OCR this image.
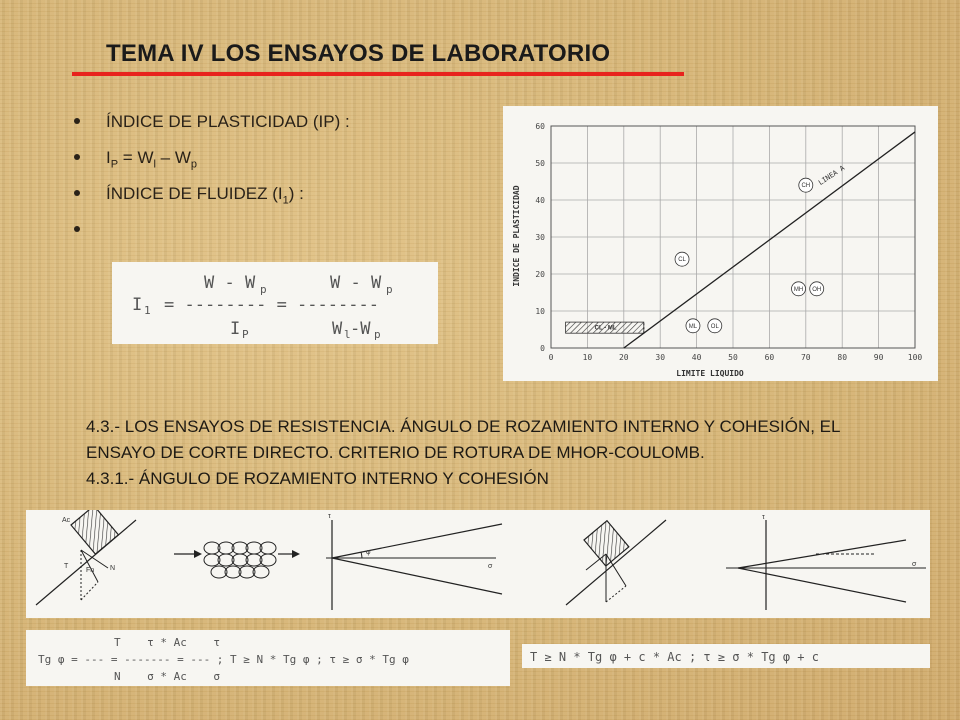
TEMA IV LOS ENSAYOS DE LABORATORIO
ÍNDICE DE PLASTICIDAD (IP) :
$I_P = W_l - W_p$
ÍNDICE DE FLUIDEZ $(I_1)$ :
W - W p	W - W p
I 1 = -------- = --------
I P	W l -W p
0	10	20	30	40	50	60	70	80	90	100
0
10
20
30
40
50
60
CH
CL
MH OH
ML OL
CL - ML
INDICE DE PLASTICIDAD
LIMITE LIQUIDO
LINEA A
4.3.- LOS ENSAYOS DE RESISTENCIA. ÁNGULO DE ROZAMIENTO INTERNO Y COHESIÓN, EL
ENSAYO DE CORTE DIRECTO. CRITERIO DE ROTURA DE MHOR-COULOMB.
4.3.1.- ÁNGULO DE ROZAMIENTO INTERNO Y COHESIÓN
Ac
Fn N
T
τ
σ
φ
τ
σ
T    τ * Ac    τ
Tg φ = --- = ------- = --- ; T ≥ N * Tg φ ; τ ≥ σ * Tg φ
N    σ * Ac    σ
T ≥ N * Tg φ + c * Ac ; τ ≥ σ * Tg φ + c
